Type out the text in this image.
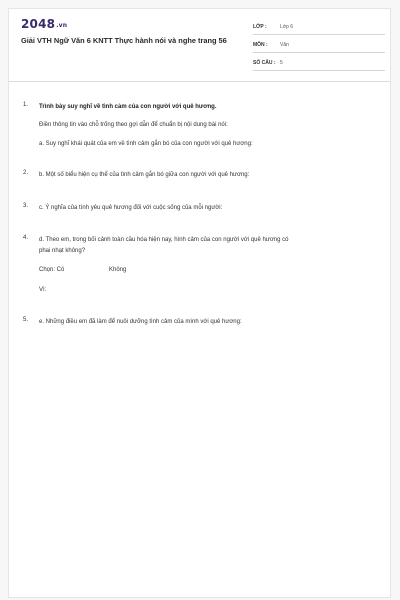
2048.vn
Giải VTH Ngữ Văn 6 KNTT Thực hành nói và nghe trang 56
LỚP :	Lớp 6
MÔN :	Văn
SỐ CÂU : 5
1. Trình bày suy nghĩ về tình cảm của con người với quê hương.
Điền thông tin vào chỗ trống theo gợi dẫn để chuẩn bị nội dung bài nói:
a. Suy nghĩ khái quát của em về tình cảm gắn bó của con người với quê hương:
2. b. Một số biểu hiện cụ thể của tình cảm gắn bó giữa con người với quê hương:
3. c. Ý nghĩa của tình yêu quê hương đối với cuộc sống của mỗi người:
4. d. Theo em, trong bối cảnh toàn cầu hóa hiện nay, hình cảm của con người với quê hương có
phai nhạt không?
Chọn: Có	Không
Vì:
5. e. Những điều em đã làm để nuôi dưỡng tình cảm của mình với quê hương:
